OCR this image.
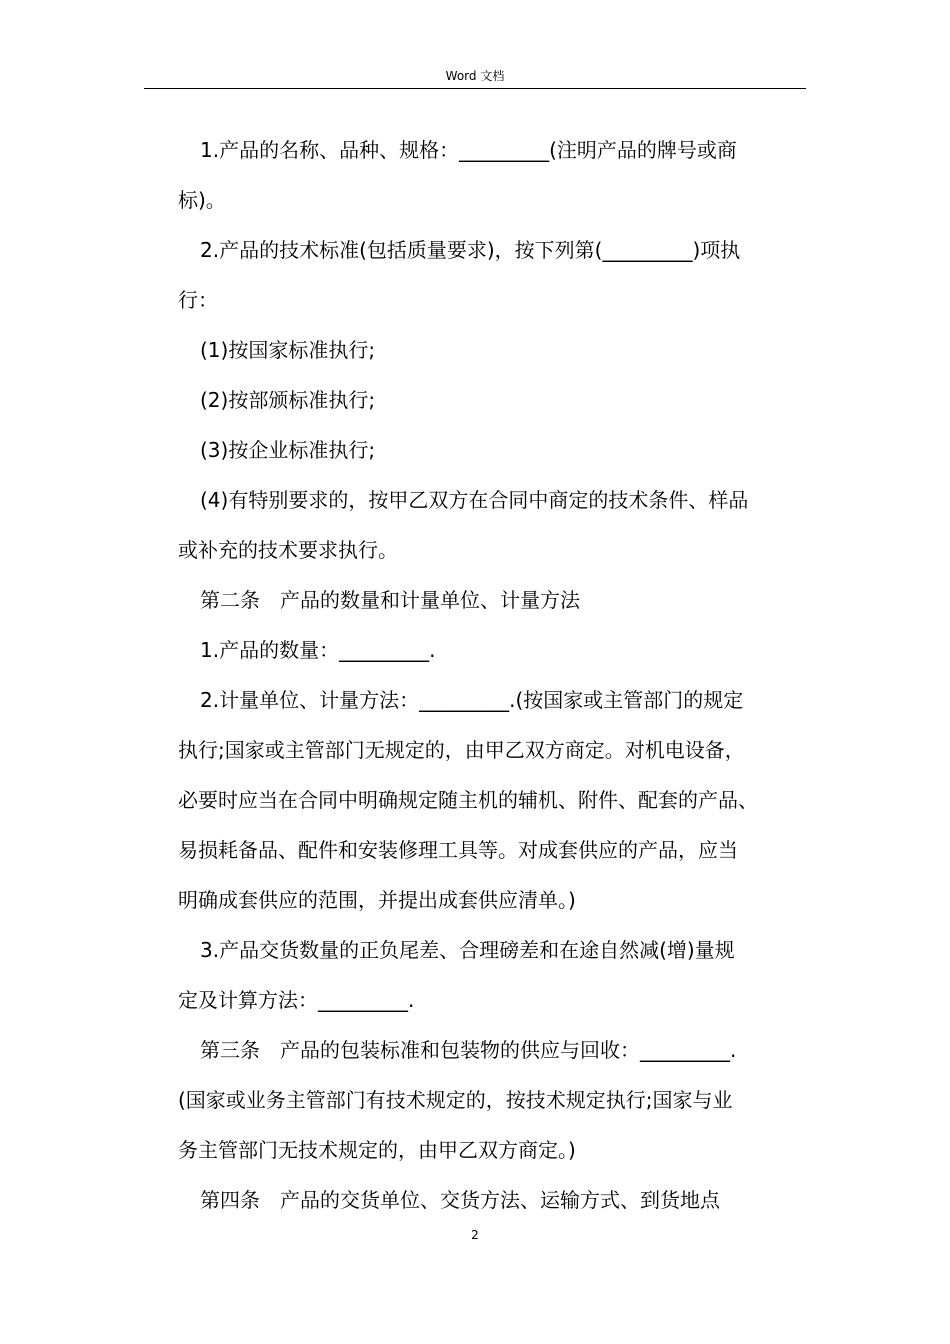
Word 文档
1.产品的名称、品种、规格：_________(注明产品的牌号或商
标)。
2.产品的技术标准(包括质量要求)，按下列第(_________)项执
行：
(1)按国家标准执行;
(2)按部颁标准执行;
(3)按企业标准执行;
(4)有特别要求的，按甲乙双方在合同中商定的技术条件、样品
或补充的技术要求执行。
第二条　产品的数量和计量单位、计量方法
1.产品的数量：_________.
2.计量单位、计量方法：_________.(按国家或主管部门的规定
执行;国家或主管部门无规定的，由甲乙双方商定。对机电设备，
必要时应当在合同中明确规定随主机的辅机、附件、配套的产品、
易损耗备品、配件和安装修理工具等。对成套供应的产品，应当
明确成套供应的范围，并提出成套供应清单。)
3.产品交货数量的正负尾差、合理磅差和在途自然减(增)量规
定及计算方法：_________.
第三条　产品的包装标准和包装物的供应与回收：_________.
(国家或业务主管部门有技术规定的，按技术规定执行;国家与业
务主管部门无技术规定的，由甲乙双方商定。)
第四条　产品的交货单位、交货方法、运输方式、到货地点
2
